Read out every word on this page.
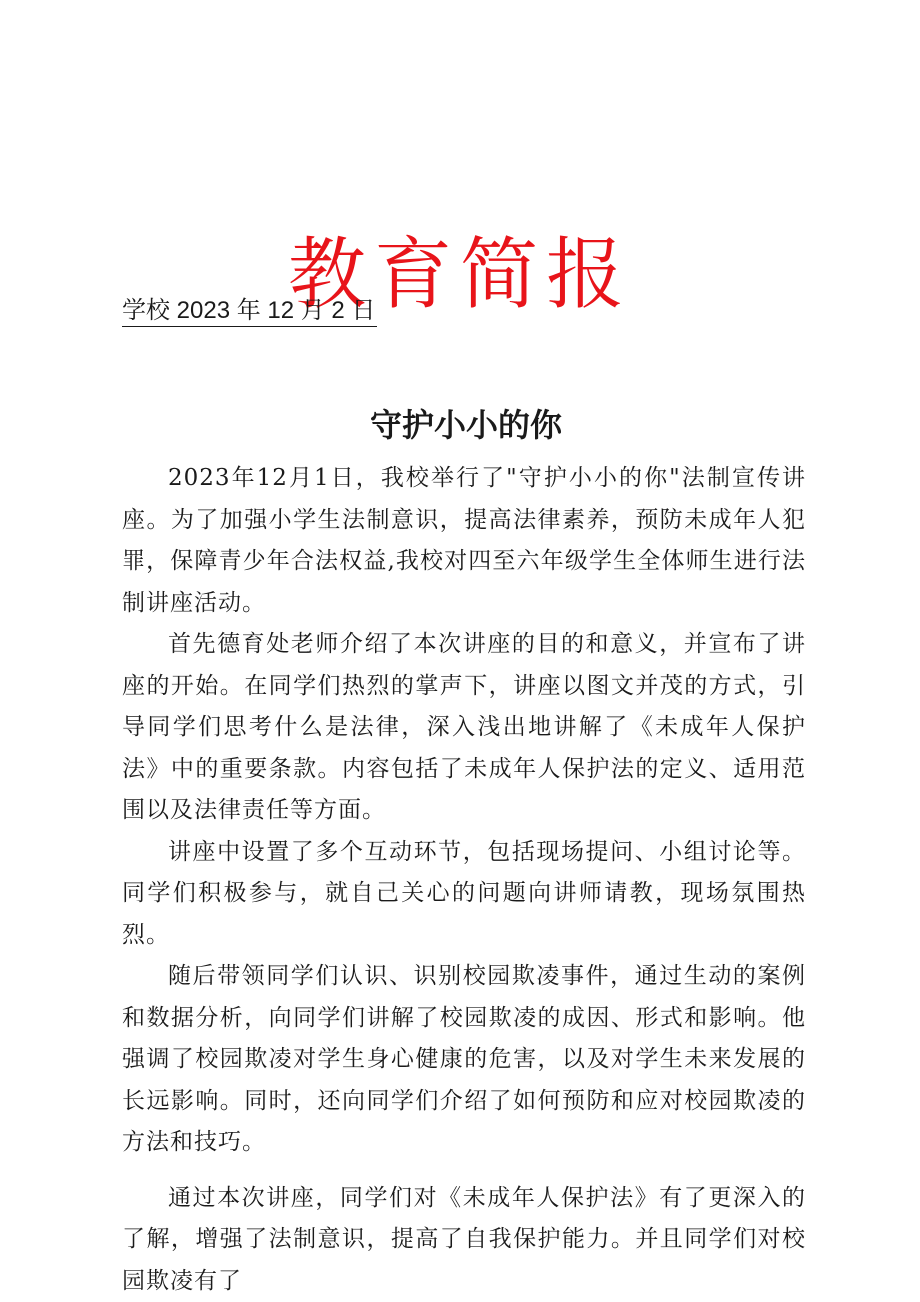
教育简报
学校 2023 年 12 月 2 日
守护小小的你

2023年12月1日，我校举行了"守护小小的你"法制宣传讲座。为了加强小学生法制意识，提高法律素养，预防未成年人犯罪，保障青少年合法权益,我校对四至六年级学生全体师生进行法制讲座活动。

首先德育处老师介绍了本次讲座的目的和意义，并宣布了讲座的开始。在同学们热烈的掌声下，讲座以图文并茂的方式，引导同学们思考什么是法律，深入浅出地讲解了《未成年人保护法》中的重要条款。内容包括了未成年人保护法的定义、适用范围以及法律责任等方面。

讲座中设置了多个互动环节，包括现场提问、小组讨论等。同学们积极参与，就自己关心的问题向讲师请教，现场氛围热烈。

随后带领同学们认识、识别校园欺凌事件，通过生动的案例和数据分析，向同学们讲解了校园欺凌的成因、形式和影响。他强调了校园欺凌对学生身心健康的危害，以及对学生未来发展的长远影响。同时，还向同学们介绍了如何预防和应对校园欺凌的方法和技巧。

通过本次讲座，同学们对《未成年人保护法》有了更深入的了解，增强了法制意识，提高了自我保护能力。并且同学们对校园欺凌有了
